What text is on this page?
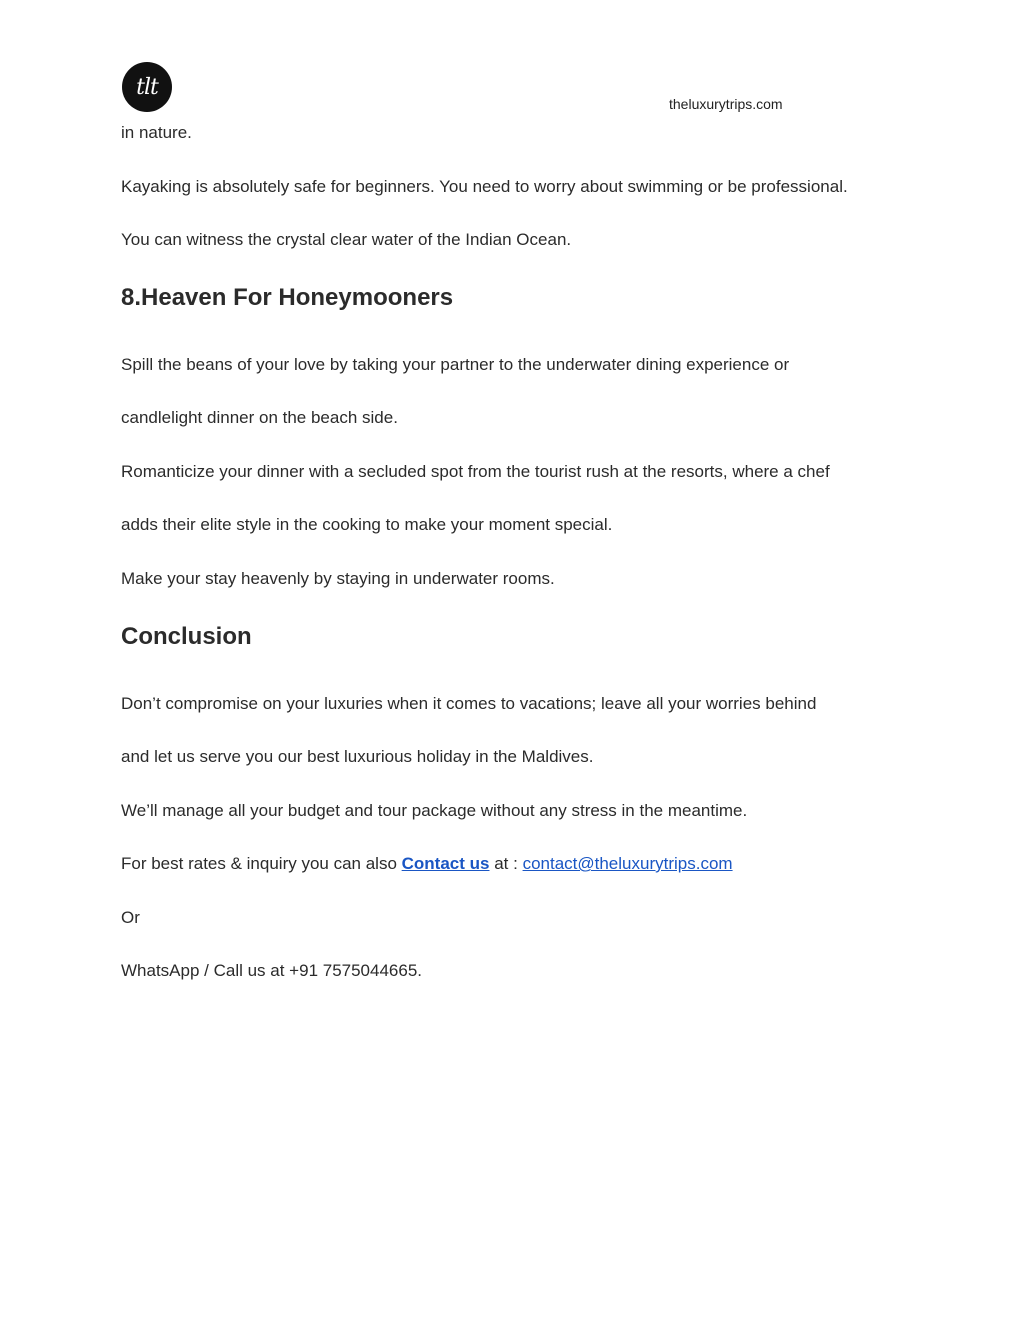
tlt
theluxurytrips.com
in nature.
Kayaking is absolutely safe for beginners. You need to worry about swimming or be professional.
You can witness the crystal clear water of the Indian Ocean.
8.Heaven For Honeymooners
Spill the beans of your love by taking your partner to the underwater dining experience or
candlelight dinner on the beach side.
Romanticize your dinner with a secluded spot from the tourist rush at the resorts, where a chef
adds their elite style in the cooking to make your moment special.
Make your stay heavenly by staying in underwater rooms.
Conclusion
Don’t compromise on your luxuries when it comes to vacations; leave all your worries behind
and let us serve you our best luxurious holiday in the Maldives.
We’ll manage all your budget and tour package without any stress in the meantime.
For best rates & inquiry you can also Contact us at : contact@theluxurytrips.com
Or
WhatsApp / Call us at +91 7575044665.
